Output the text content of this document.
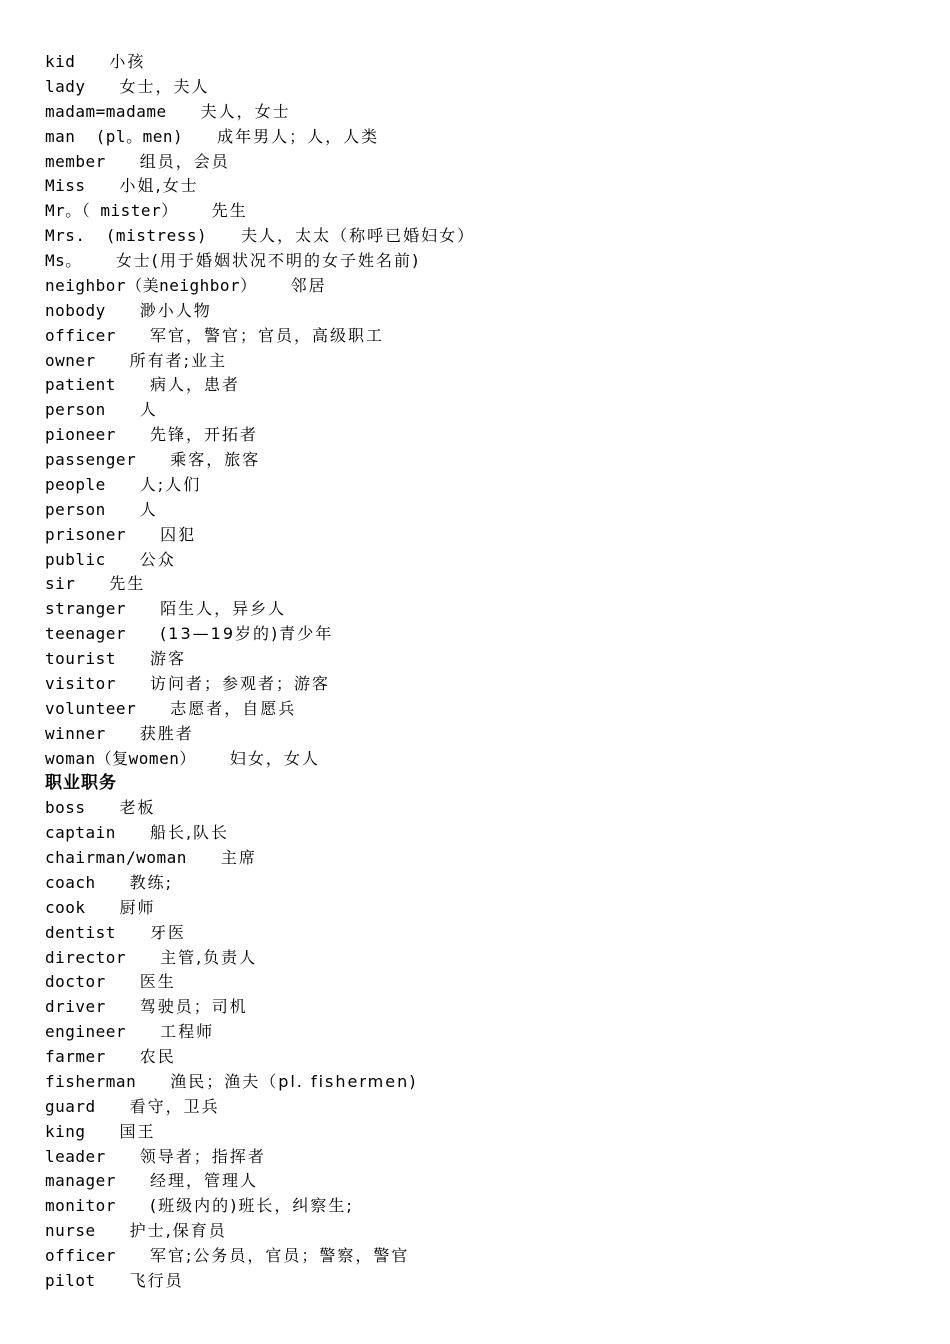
kid 小孩
lady 女士，夫人
madam=madame 夫人，女士
man  (pl。men) 成年男人；人，人类
member 组员，会员
Miss 小姐,女士
Mr。（ mister） 先生
Mrs.  (mistress) 夫人，太太（称呼已婚妇女）
Ms。 女士(用于婚姻状况不明的女子姓名前)
neighbor（美neighbor） 邻居
nobody 渺小人物
officer 军官，警官；官员，高级职工
owner 所有者;业主
patient 病人，患者
person 人
pioneer 先锋，开拓者
passenger 乘客，旅客
people 人;人们
person 人
prisoner 囚犯
public 公众
sir 先生
stranger 陌生人，异乡人
teenager (13—19岁的)青少年
tourist 游客
visitor 访问者；参观者；游客
volunteer 志愿者，自愿兵
winner 获胜者
woman（复women） 妇女，女人
职业职务
boss 老板
captain 船长,队长
chairman/woman 主席
coach 教练;
cook 厨师
dentist 牙医
director 主管,负责人
doctor 医生
driver 驾驶员；司机
engineer 工程师
farmer 农民
fisherman 渔民；渔夫（pl. fishermen)
guard 看守，卫兵
king 国王
leader 领导者；指挥者
manager 经理，管理人
monitor (班级内的)班长，纠察生;
nurse 护士,保育员
officer 军官;公务员，官员；警察，警官
pilot 飞行员
